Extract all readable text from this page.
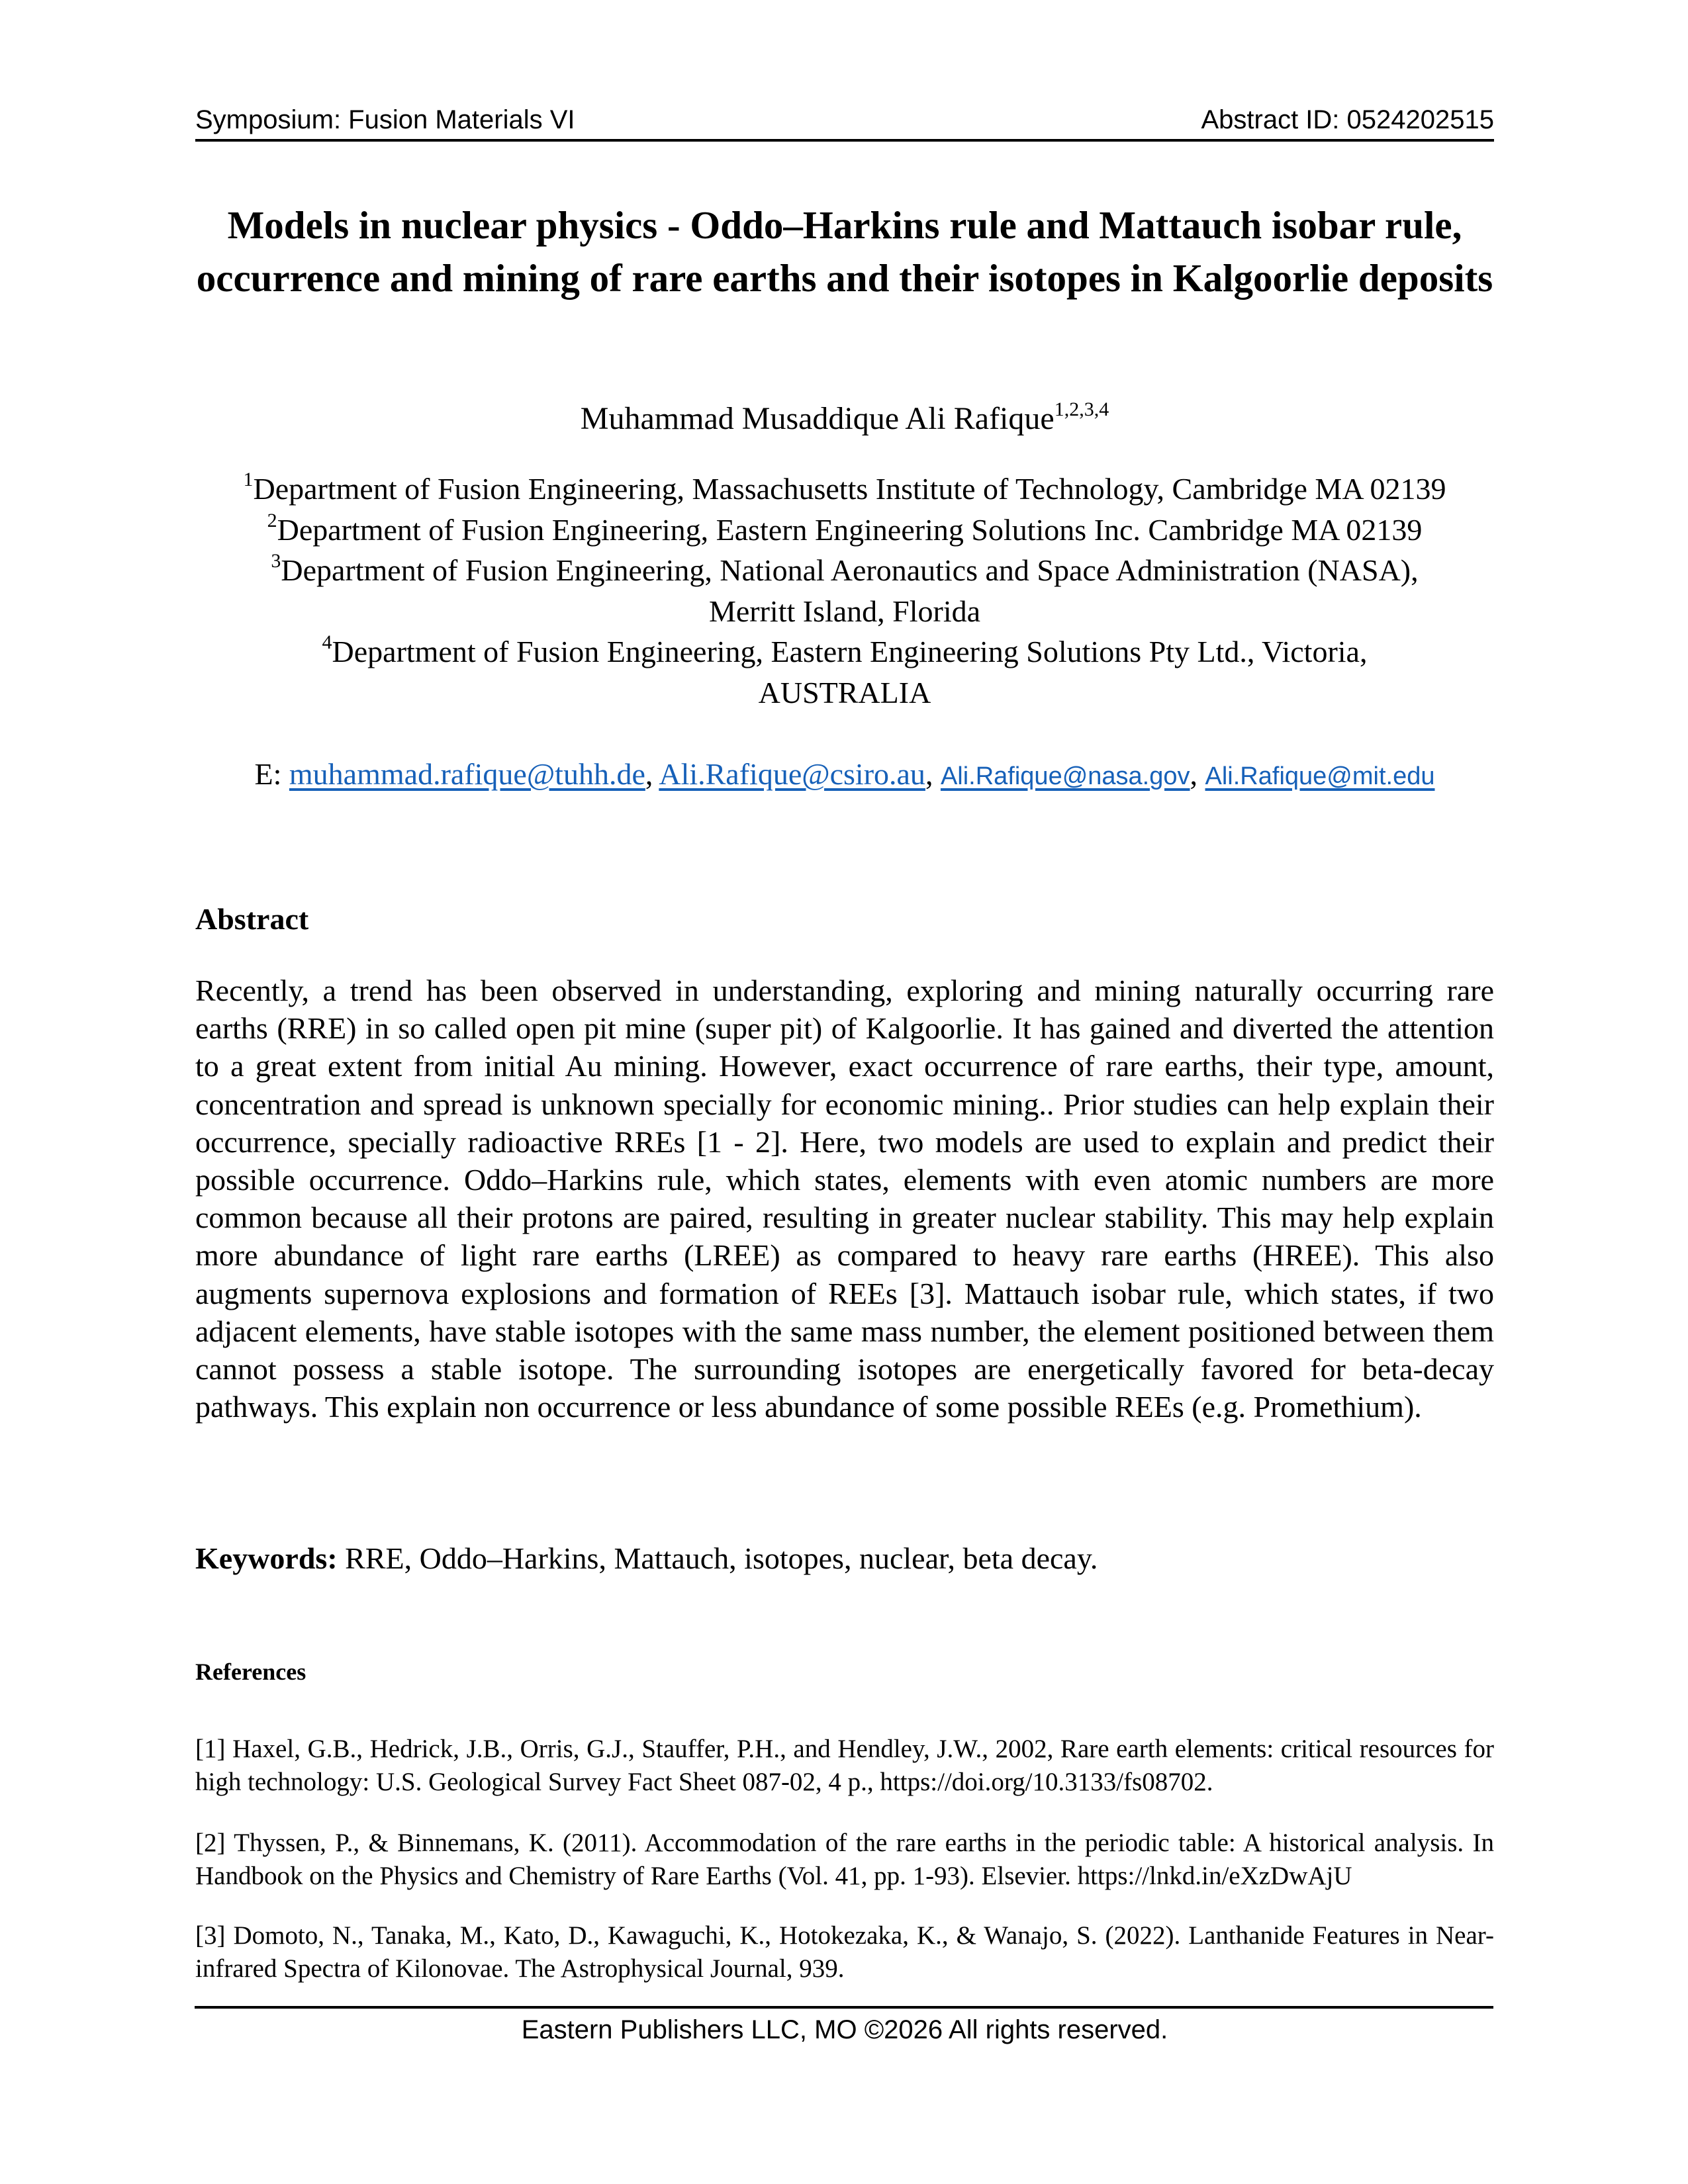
Symposium: Fusion Materials VI	Abstract ID: 0524202515
Models in nuclear physics - Oddo–Harkins rule and Mattauch isobar rule, occurrence and mining of rare earths and their isotopes in Kalgoorlie deposits
Muhammad Musaddique Ali Rafique$^{1,2,3,4}$
$^1$Department of Fusion Engineering, Massachusetts Institute of Technology, Cambridge MA 02139
$^2$Department of Fusion Engineering, Eastern Engineering Solutions Inc. Cambridge MA 02139
$^3$Department of Fusion Engineering, National Aeronautics and Space Administration (NASA),
Merritt Island, Florida
$^4$Department of Fusion Engineering, Eastern Engineering Solutions Pty Ltd., Victoria,
AUSTRALIA
E: muhammad.rafique@tuhh.de, Ali.Rafique@csiro.au, Ali.Rafique@nasa.gov, Ali.Rafique@mit.edu
Abstract

Recently, a trend has been observed in understanding, exploring and mining naturally occurring rare earths (RRE) in so called open pit mine (super pit) of Kalgoorlie. It has gained and diverted the attention to a great extent from initial Au mining. However, exact occurrence of rare earths, their type, amount, concentration and spread is unknown specially for economic mining.. Prior studies can help explain their occurrence, specially radioactive RREs [1 - 2]. Here, two models are used to explain and predict their possible occurrence. Oddo–Harkins rule, which states, elements with even atomic numbers are more common because all their protons are paired, resulting in greater nuclear stability. This may help explain more abundance of light rare earths (LREE) as compared to heavy rare earths (HREE). This also augments supernova explosions and formation of REEs [3]. Mattauch isobar rule, which states, if two adjacent elements, have stable isotopes with the same mass number, the element positioned between them cannot possess a stable isotope. The surrounding isotopes are energetically favored for beta-decay pathways. This explain non occurrence or less abundance of some possible REEs (e.g. Promethium).

Keywords: RRE, Oddo–Harkins, Mattauch, isotopes, nuclear, beta decay.

References

[1] Haxel, G.B., Hedrick, J.B., Orris, G.J., Stauffer, P.H., and Hendley, J.W., 2002, Rare earth elements: critical resources for high technology: U.S. Geological Survey Fact Sheet 087-02, 4 p., https://doi.org/10.3133/fs08702.

[2] Thyssen, P., & Binnemans, K. (2011). Accommodation of the rare earths in the periodic table: A historical analysis. In Handbook on the Physics and Chemistry of Rare Earths (Vol. 41, pp. 1-93). Elsevier. https://lnkd.in/eXzDwAjU

[3] Domoto, N., Tanaka, M., Kato, D., Kawaguchi, K., Hotokezaka, K., & Wanajo, S. (2022). Lanthanide Features in Near-infrared Spectra of Kilonovae. The Astrophysical Journal, 939.

Eastern Publishers LLC, MO ©2026 All rights reserved.
